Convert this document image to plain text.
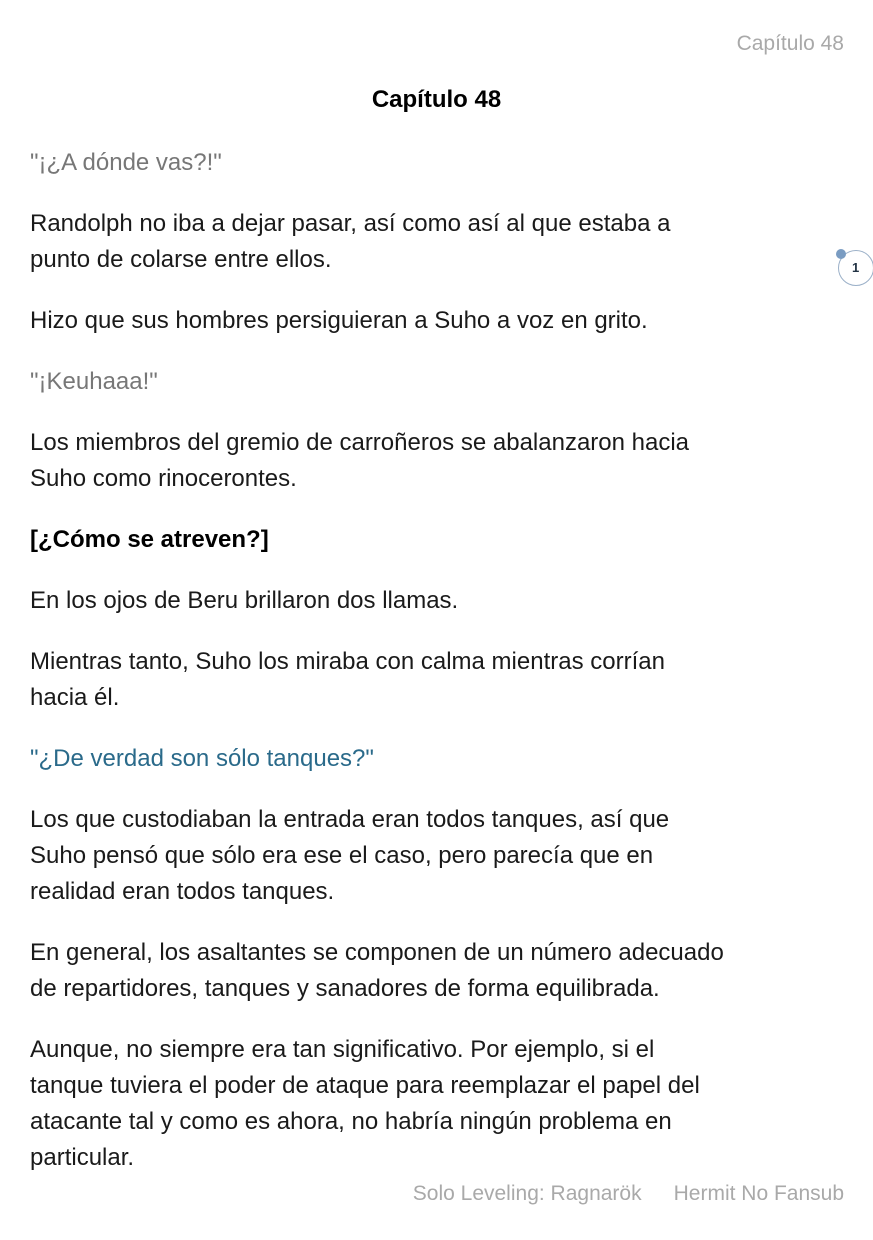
Capítulo 48
Capítulo 48
"¡¿A dónde vas?!"
Randolph no iba a dejar pasar, así como así al que estaba a
punto de colarse entre ellos.
Hizo que sus hombres persiguieran a Suho a voz en grito.
"¡Keuhaaa!"
Los miembros del gremio de carroñeros se abalanzaron hacia
Suho como rinocerontes.
[¿Cómo se atreven?]
En los ojos de Beru brillaron dos llamas.
Mientras tanto, Suho los miraba con calma mientras corrían
hacia él.
"¿De verdad son sólo tanques?"
Los que custodiaban la entrada eran todos tanques, así que
Suho pensó que sólo era ese el caso, pero parecía que en
realidad eran todos tanques.
En general, los asaltantes se componen de un número adecuado
de repartidores, tanques y sanadores de forma equilibrada.
Aunque, no siempre era tan significativo. Por ejemplo, si el
tanque tuviera el poder de ataque para reemplazar el papel del
atacante tal y como es ahora, no habría ningún problema en
particular.
1
Solo Leveling: Ragnarök Hermit No Fansub
